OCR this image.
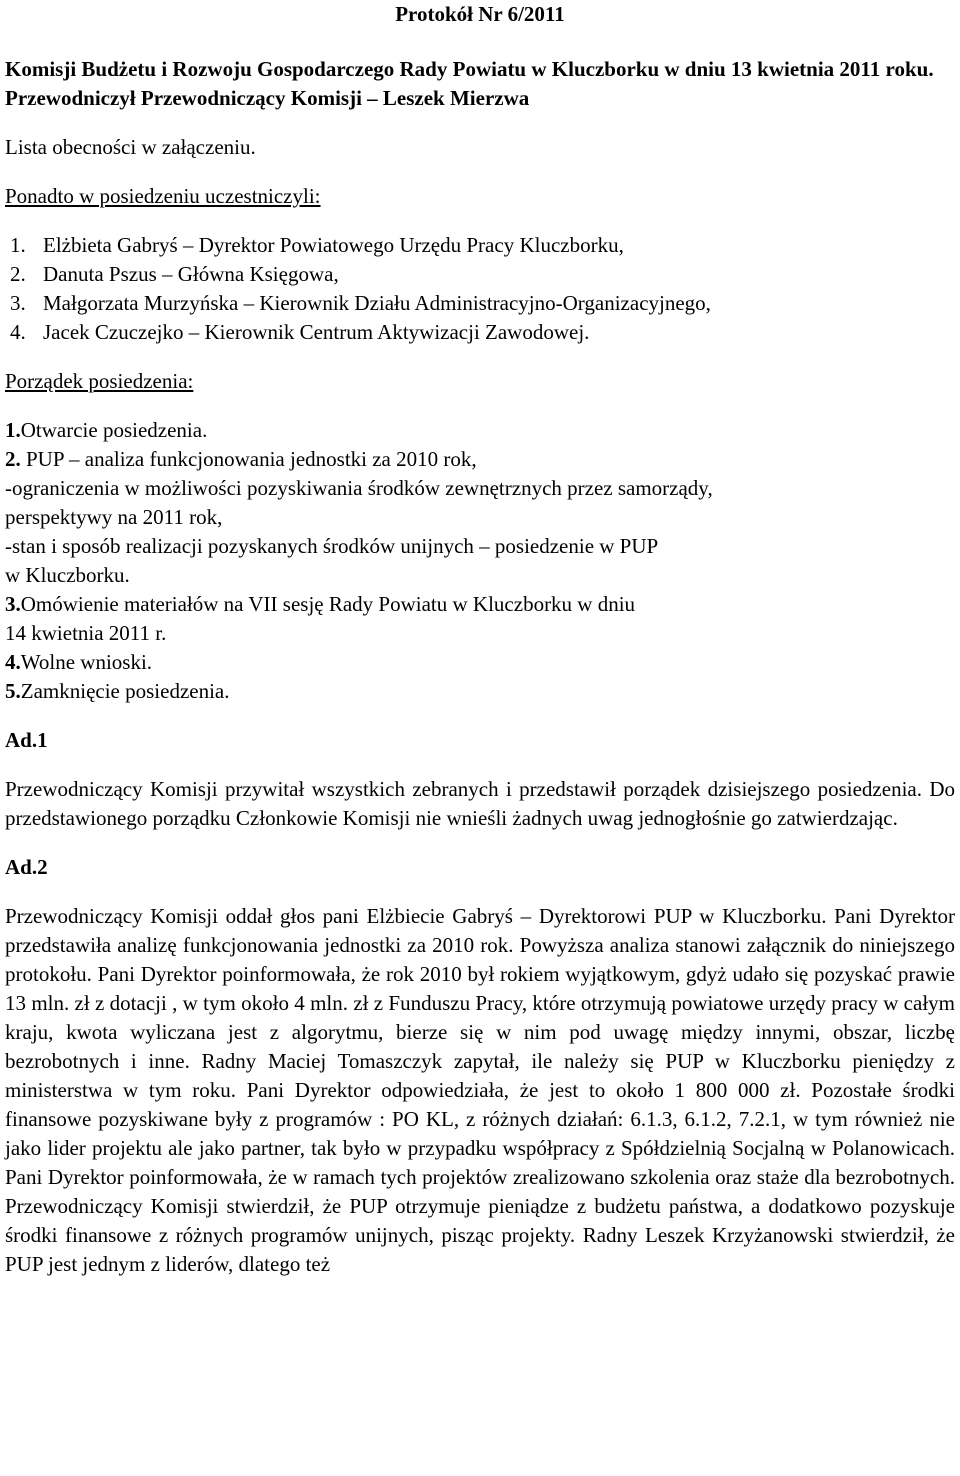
Protokół Nr 6/2011

Komisji Budżetu i Rozwoju Gospodarczego Rady Powiatu w Kluczborku w dniu 13 kwietnia 2011 roku.

Przewodniczył Przewodniczący Komisji – Leszek Mierzwa

Lista obecności w załączeniu.

Ponadto w posiedzeniu uczestniczyli:

1. Elżbieta Gabryś – Dyrektor Powiatowego Urzędu Pracy Kluczborku,
2. Danuta Pszus – Główna Księgowa,
3. Małgorzata Murzyńska – Kierownik Działu Administracyjno-Organizacyjnego,
4. Jacek Czuczejko – Kierownik Centrum Aktywizacji Zawodowej.

Porządek posiedzenia:

1.Otwarcie posiedzenia.

2. PUP – analiza funkcjonowania jednostki za 2010 rok,

-ograniczenia w możliwości pozyskiwania środków zewnętrznych przez samorządy,

perspektywy na 2011 rok,

-stan i sposób realizacji pozyskanych środków unijnych – posiedzenie w PUP

w Kluczborku.

3.Omówienie materiałów na VII sesję Rady Powiatu w Kluczborku w dniu

14 kwietnia 2011 r.

4.Wolne wnioski.

5.Zamknięcie posiedzenia.

Ad.1

Przewodniczący Komisji przywitał wszystkich zebranych i przedstawił porządek dzisiejszego posiedzenia. Do przedstawionego porządku Członkowie Komisji nie wnieśli żadnych uwag jednogłośnie go zatwierdzając.

Ad.2

Przewodniczący Komisji oddał głos pani Elżbiecie Gabryś – Dyrektorowi PUP w Kluczborku. Pani Dyrektor przedstawiła analizę funkcjonowania jednostki za 2010 rok. Powyższa analiza stanowi załącznik do niniejszego protokołu. Pani Dyrektor poinformowała, że rok 2010 był rokiem wyjątkowym, gdyż udało się pozyskać prawie 13 mln. zł z dotacji , w tym około 4 mln. zł z Funduszu Pracy, które otrzymują powiatowe urzędy pracy w całym kraju, kwota wyliczana jest z algorytmu, bierze się w nim pod uwagę między innymi, obszar, liczbę bezrobotnych i inne. Radny Maciej Tomaszczyk zapytał, ile należy się PUP w Kluczborku pieniędzy z ministerstwa w tym roku. Pani Dyrektor odpowiedziała, że jest to około 1 800 000 zł. Pozostałe środki finansowe pozyskiwane były z programów : PO KL, z różnych działań: 6.1.3, 6.1.2, 7.2.1, w tym również nie jako lider projektu ale jako partner, tak było w przypadku współpracy z Spółdzielnią Socjalną w Polanowicach. Pani Dyrektor poinformowała, że w ramach tych projektów zrealizowano szkolenia oraz staże dla bezrobotnych. Przewodniczący Komisji stwierdził, że PUP otrzymuje pieniądze z budżetu państwa, a dodatkowo pozyskuje środki finansowe z różnych programów unijnych, pisząc projekty. Radny Leszek Krzyżanowski stwierdził, że PUP jest jednym z liderów, dlatego też
